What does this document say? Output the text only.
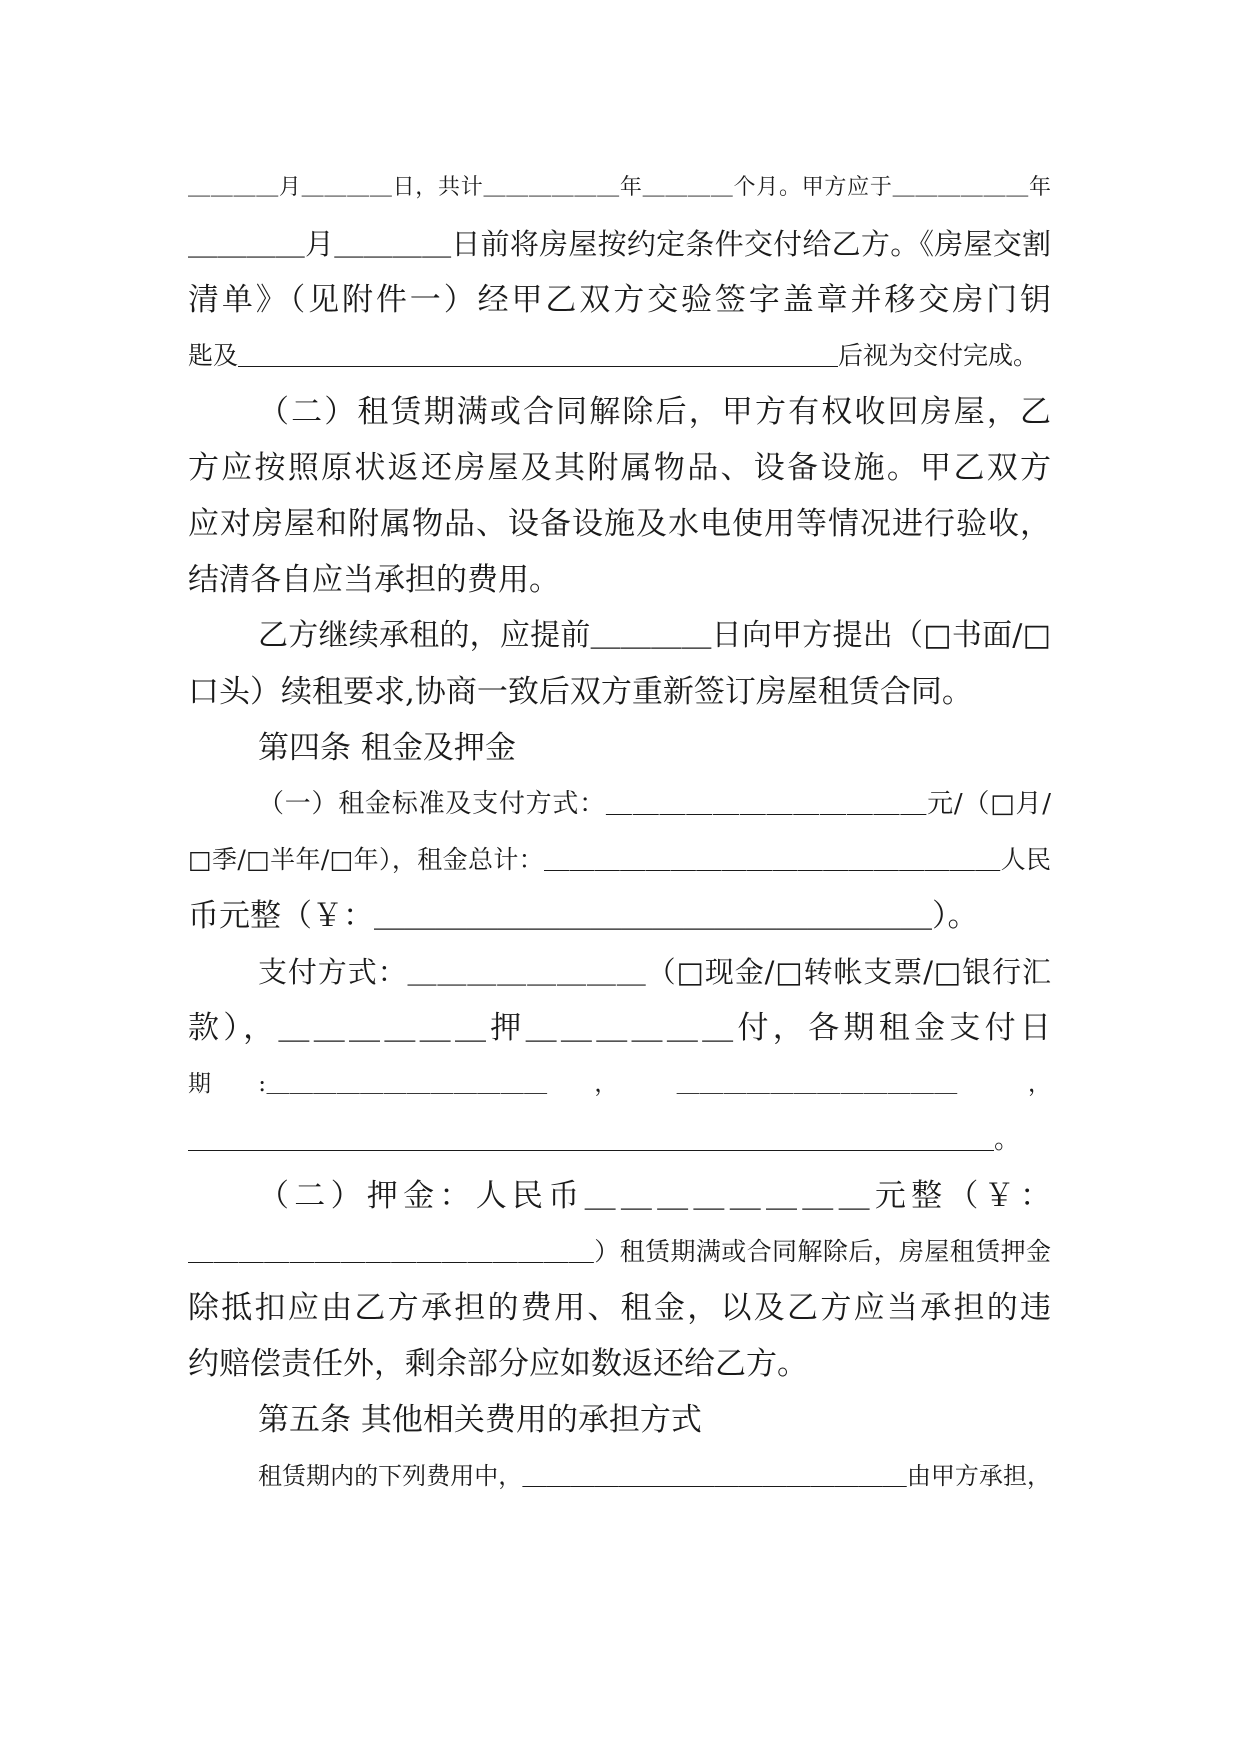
＿＿＿＿月＿＿＿＿日，共计＿＿＿＿＿＿年＿＿＿＿个月。甲方应于＿＿＿＿＿＿年
＿＿＿＿月＿＿＿＿日前将房屋按约定条件交付给乙方。《房屋交割
清单》（见附件一）经甲乙双方交验签字盖章并移交房门钥
匙及＿＿＿＿＿＿＿＿＿＿＿＿＿＿＿＿＿＿＿＿＿＿＿＿后视为交付完成。
（二）租赁期满或合同解除后，甲方有权收回房屋，乙
方应按照原状返还房屋及其附属物品、设备设施。甲乙双方
应对房屋和附属物品、设备设施及水电使用等情况进行验收，
结清各自应当承担的费用。
乙方继续承租的，应提前＿＿＿＿日向甲方提出（□书面/□
口头）续租要求,协商一致后双方重新签订房屋租赁合同。
第四条 租金及押金
（一）租金标准及支付方式：＿＿＿＿＿＿＿＿＿＿＿＿元/（□月/
□季/□半年/□年），租金总计：＿＿＿＿＿＿＿＿＿＿＿＿＿＿＿＿＿＿人民
币元整（￥：＿＿＿＿＿＿＿＿＿＿＿＿＿＿＿＿＿＿）。
支付方式：＿＿＿＿＿＿＿＿（□现金/□转帐支票/□银行汇
款），＿＿＿＿＿＿押＿＿＿＿＿＿付，各期租金支付日
期　　:＿＿＿＿＿＿＿＿＿＿＿＿　　，　　　＿＿＿＿＿＿＿＿＿＿＿＿　　　，
＿＿＿＿＿＿＿＿＿＿＿＿＿＿＿＿＿＿＿＿＿＿＿＿＿＿＿＿＿＿＿。
（二）押金：人民币＿＿＿＿＿＿＿＿元整（￥：
＿＿＿＿＿＿＿＿＿＿＿＿＿＿＿＿）租赁期满或合同解除后，房屋租赁押金
除抵扣应由乙方承担的费用、租金，以及乙方应当承担的违
约赔偿责任外，剩余部分应如数返还给乙方。
第五条 其他相关费用的承担方式
租赁期内的下列费用中，＿＿＿＿＿＿＿＿＿＿＿＿＿＿＿＿由甲方承担，
